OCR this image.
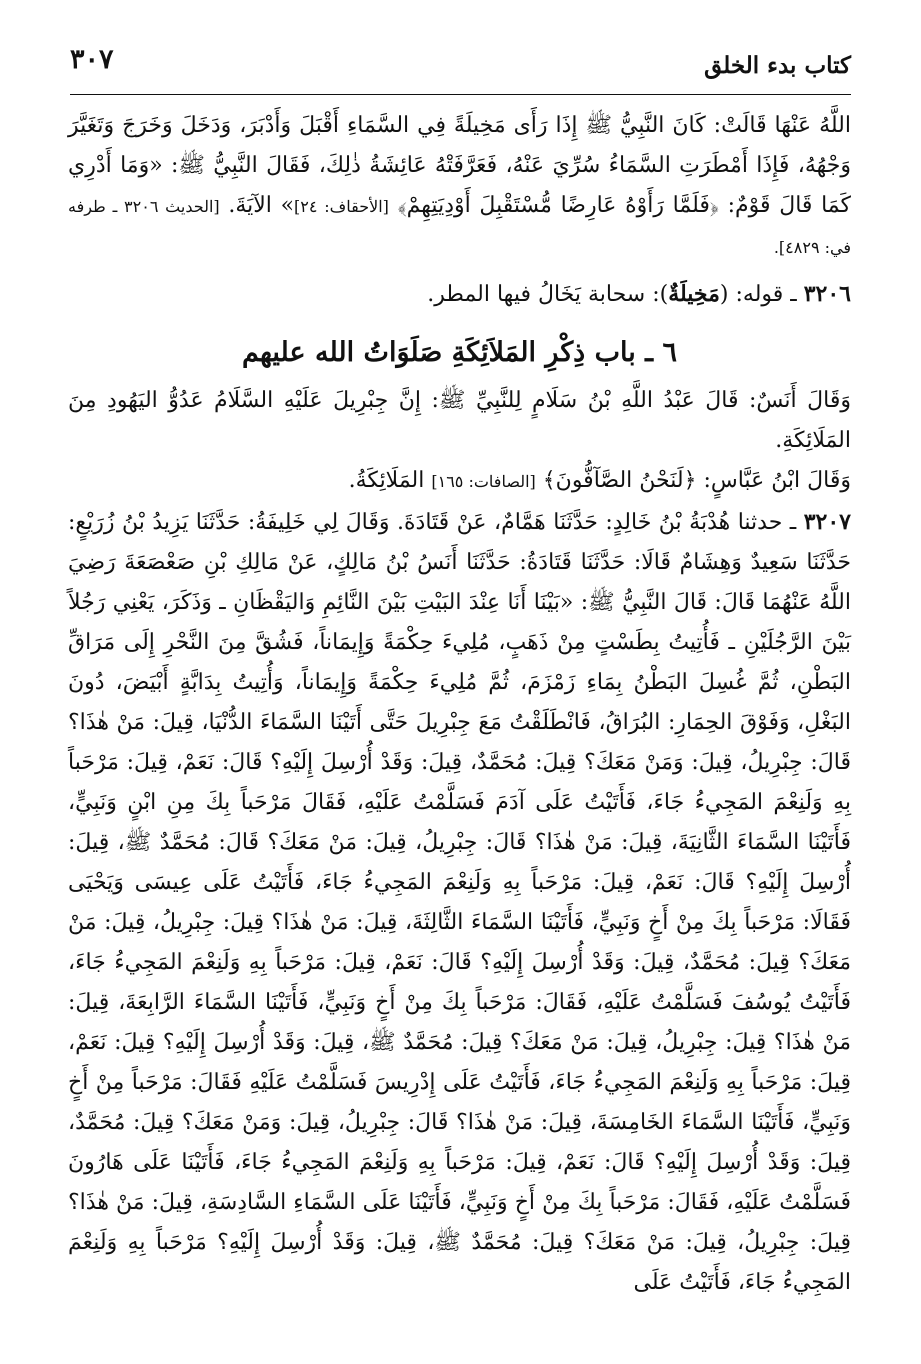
كتاب بدء الخلق
٣٠٧

اللَّهُ عَنْهَا قَالَتْ: كَانَ النَّبِيُّ ﷺ إِذَا رَأَى مَخِيلَةً فِي السَّمَاءِ أَقْبَلَ وَأَدْبَرَ، وَدَخَلَ وَخَرَجَ وَتَغَيَّرَ وَجْهُهُ، فَإِذَا أَمْطَرَتِ السَّمَاءُ سُرِّيَ عَنْهُ، فَعَرَّفَتْهُ عَائِشَةُ ذٰلِكَ، فَقَالَ النَّبِيُّ ﷺ: «وَمَا أَدْرِي كَمَا قَالَ قَوْمٌ: ﴿فَلَمَّا رَأَوْهُ عَارِضًا مُّسْتَقْبِلَ أَوْدِيَتِهِمْ﴾ [الأحقاف: ٢٤]» الآيَةَ. [الحديث ٣٢٠٦ ـ طرفه في: ٤٨٢٩].

٣٢٠٦ ـ قوله: (مَخِيلَةٌ): سحابة يَخَالُ فيها المطر.

٦ ـ باب ذِكْرِ المَلاَئِكَةِ صَلَوَاتُ الله عليهم

وَقَالَ أَنَسٌ: قَالَ عَبْدُ اللَّهِ بْنُ سَلَامٍ لِلنَّبِيِّ ﷺ: إِنَّ جِبْرِيلَ عَلَيْهِ السَّلَامُ عَدُوُّ اليَهُودِ مِنَ المَلَائِكَةِ.

وَقَالَ ابْنُ عَبَّاسٍ: ﴿لَنَحْنُ الصَّآفُّونَ﴾ [الصافات: ١٦٥] المَلَائِكَةُ.

٣٢٠٧ ـ حدثنا هُدْبَةُ بْنُ خَالِدٍ: حَدَّثَنَا هَمَّامٌ، عَنْ قَتَادَةَ. وَقَالَ لِي خَلِيفَةُ: حَدَّثَنَا يَزِيدُ بْنُ زُرَيْعٍ: حَدَّثَنَا سَعِيدٌ وَهِشَامٌ قَالَا: حَدَّثَنَا قَتَادَةُ: حَدَّثَنَا أَنَسُ بْنُ مَالِكٍ، عَنْ مَالِكِ بْنِ صَعْصَعَةَ رَضِيَ اللَّهُ عَنْهُمَا قَالَ: قَالَ النَّبِيُّ ﷺ: «بَيْنَا أَنَا عِنْدَ البَيْتِ بَيْنَ النَّائِمِ وَاليَقْظَانِ ـ وَذَكَرَ، يَعْنِي رَجُلاً بَيْنَ الرَّجُلَيْنِ ـ فَأُتِيتُ بِطَسْتٍ مِنْ ذَهَبٍ، مُلِيءَ حِكْمَةً وَإِيمَاناً، فَشُقَّ مِنَ النَّحْرِ إِلَى مَرَاقِّ البَطْنِ، ثُمَّ غُسِلَ البَطْنُ بِمَاءِ زَمْزَمَ، ثُمَّ مُلِيءَ حِكْمَةً وَإِيمَاناً، وَأُتِيتُ بِدَابَّةٍ أَبْيَضَ، دُونَ البَغْلِ، وَفَوْقَ الحِمَارِ: البُرَاقُ، فَانْطَلَقْتُ مَعَ جِبْرِيلَ حَتَّى أَتَيْنَا السَّمَاءَ الدُّنْيَا، قِيلَ: مَنْ هٰذَا؟ قَالَ: جِبْرِيلُ، قِيلَ: وَمَنْ مَعَكَ؟ قِيلَ: مُحَمَّدٌ، قِيلَ: وَقَدْ أُرْسِلَ إِلَيْهِ؟ قَالَ: نَعَمْ، قِيلَ: مَرْحَباً بِهِ وَلَنِعْمَ المَجِيءُ جَاءَ، فَأَتَيْتُ عَلَى آدَمَ فَسَلَّمْتُ عَلَيْهِ، فَقَالَ مَرْحَباً بِكَ مِنِ ابْنٍ وَنَبِيٍّ، فَأَتَيْنَا السَّمَاءَ الثَّانِيَةَ، قِيلَ: مَنْ هٰذَا؟ قَالَ: جِبْرِيلُ، قِيلَ: مَنْ مَعَكَ؟ قَالَ: مُحَمَّدٌ ﷺ، قِيلَ: أُرْسِلَ إِلَيْهِ؟ قَالَ: نَعَمْ، قِيلَ: مَرْحَباً بِهِ وَلَنِعْمَ المَجِيءُ جَاءَ، فَأَتَيْتُ عَلَى عِيسَى وَيَحْيَى فَقَالَا: مَرْحَباً بِكَ مِنْ أَخٍ وَنَبِيٍّ، فَأَتَيْنَا السَّمَاءَ الثَّالِثَةَ، قِيلَ: مَنْ هٰذَا؟ قِيلَ: جِبْرِيلُ، قِيلَ: مَنْ مَعَكَ؟ قِيلَ: مُحَمَّدٌ، قِيلَ: وَقَدْ أُرْسِلَ إِلَيْهِ؟ قَالَ: نَعَمْ، قِيلَ: مَرْحَباً بِهِ وَلَنِعْمَ المَجِيءُ جَاءَ، فَأَتَيْتُ يُوسُفَ فَسَلَّمْتُ عَلَيْهِ، فَقَالَ: مَرْحَباً بِكَ مِنْ أَخٍ وَنَبِيٍّ، فَأَتَيْنَا السَّمَاءَ الرَّابِعَةَ، قِيلَ: مَنْ هٰذَا؟ قِيلَ: جِبْرِيلُ، قِيلَ: مَنْ مَعَكَ؟ قِيلَ: مُحَمَّدٌ ﷺ، قِيلَ: وَقَدْ أُرْسِلَ إِلَيْهِ؟ قِيلَ: نَعَمْ، قِيلَ: مَرْحَباً بِهِ وَلَنِعْمَ المَجِيءُ جَاءَ، فَأَتَيْتُ عَلَى إِدْرِيسَ فَسَلَّمْتُ عَلَيْهِ فَقَالَ: مَرْحَباً مِنْ أَخٍ وَنَبِيٍّ، فَأَتَيْنَا السَّمَاءَ الخَامِسَةَ، قِيلَ: مَنْ هٰذَا؟ قَالَ: جِبْرِيلُ، قِيلَ: وَمَنْ مَعَكَ؟ قِيلَ: مُحَمَّدٌ، قِيلَ: وَقَدْ أُرْسِلَ إِلَيْهِ؟ قَالَ: نَعَمْ، قِيلَ: مَرْحَباً بِهِ وَلَنِعْمَ المَجِيءُ جَاءَ، فَأَتَيْنَا عَلَى هَارُونَ فَسَلَّمْتُ عَلَيْهِ، فَقَالَ: مَرْحَباً بِكَ مِنْ أَخٍ وَنَبِيٍّ، فَأَتَيْنَا عَلَى السَّمَاءِ السَّادِسَةِ، قِيلَ: مَنْ هٰذَا؟ قِيلَ: جِبْرِيلُ، قِيلَ: مَنْ مَعَكَ؟ قِيلَ: مُحَمَّدٌ ﷺ، قِيلَ: وَقَدْ أُرْسِلَ إِلَيْهِ؟ مَرْحَباً بِهِ وَلَنِعْمَ المَجِيءُ جَاءَ، فَأَتَيْتُ عَلَى
